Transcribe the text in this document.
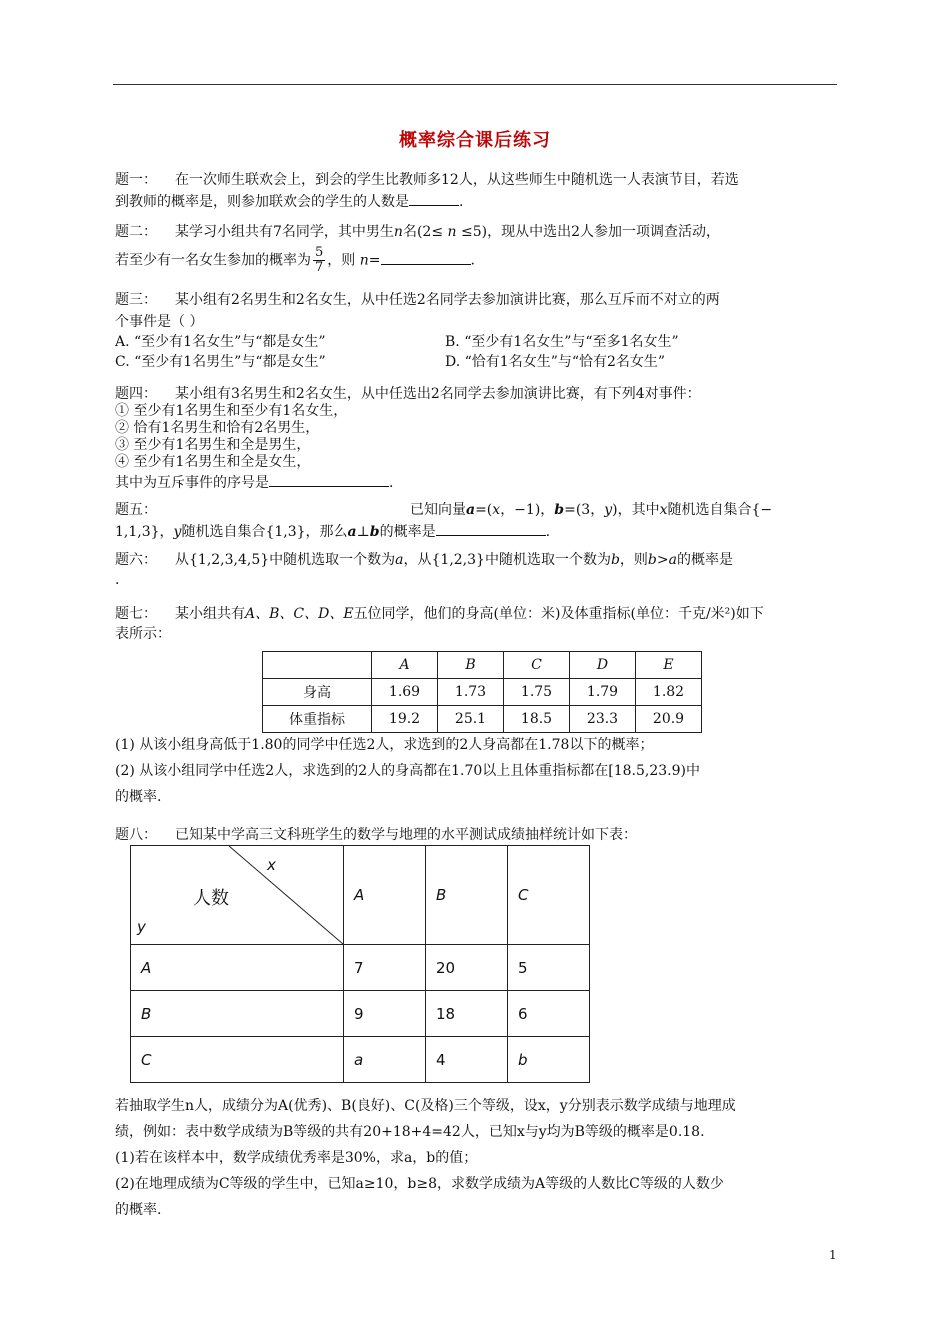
概率综合课后练习
题一： 在一次师生联欢会上，到会的学生比教师多12人，从这些师生中随机选一人表演节目，若选
到教师的概率是，则参加联欢会的学生的人数是	.
题二： 某学习小组共有7名同学，其中男生n名(2≤ n ≤5)，现从中选出2人参加一项调查活动，

若至少有一名女生参加的概率为 $\frac{5}{7}$ ，则 n=	.
题三： 某小组有2名男生和2名女生，从中任选2名同学去参加演讲比赛，那么互斥而不对立的两

个事件是（ ）
A. “至少有1名女生”与“都是女生”	B. “至少有1名女生”与“至多1名女生”
C. “至少有1名男生”与“都是女生”	D. “恰有1名女生”与“恰有2名女生”
题四： 某小组有3名男生和2名女生，从中任选出2名同学去参加演讲比赛，有下列4对事件：
① 至少有1名男生和至少有1名女生，
② 恰有1名男生和恰有2名男生，
③ 至少有1名男生和全是男生，
④ 至少有1名男生和全是女生，
其中为互斥事件的序号是	.
题五：	已知向量a=(x，−1)，b=(3，y)，其中x随机选自集合{−
1,1,3}，y随机选自集合{1,3}，那么a⊥b的概率是	.
题六： 从{1,2,3,4,5}中随机选取一个数为a，从{1,2,3}中随机选取一个数为b，则b>a的概率是
.
题七： 某小组共有A、B、C、D、E五位同学，他们的身高(单位：米)及体重指标(单位：千克/米²)如下
表所示：
	A	B	C	D	E
身高	1.69	1.73	1.75	1.79	1.82
体重指标	19.2	25.1	18.5	23.3	20.9
(1) 从该小组身高低于1.80的同学中任选2人，求选到的2人身高都在1.78以下的概率；
(2) 从该小组同学中任选2人，求选到的2人的身高都在1.70以上且体重指标都在[18.5,23.9)中
的概率.
题八： 已知某中学高三文科班学生的数学与地理的水平测试成绩抽样统计如下表：
x
人数
y	A	B	C
A	7	20	5
B	9	18	6
C	a	4	b
若抽取学生n人，成绩分为A(优秀)、B(良好)、C(及格)三个等级，设x，y分别表示数学成绩与地理成
绩，例如：表中数学成绩为B等级的共有20+18+4=42人，已知x与y均为B等级的概率是0.18.
(1)若在该样本中，数学成绩优秀率是30%，求a，b的值；
(2)在地理成绩为C等级的学生中，已知a≥10，b≥8，求数学成绩为A等级的人数比C等级的人数少
的概率.
1
